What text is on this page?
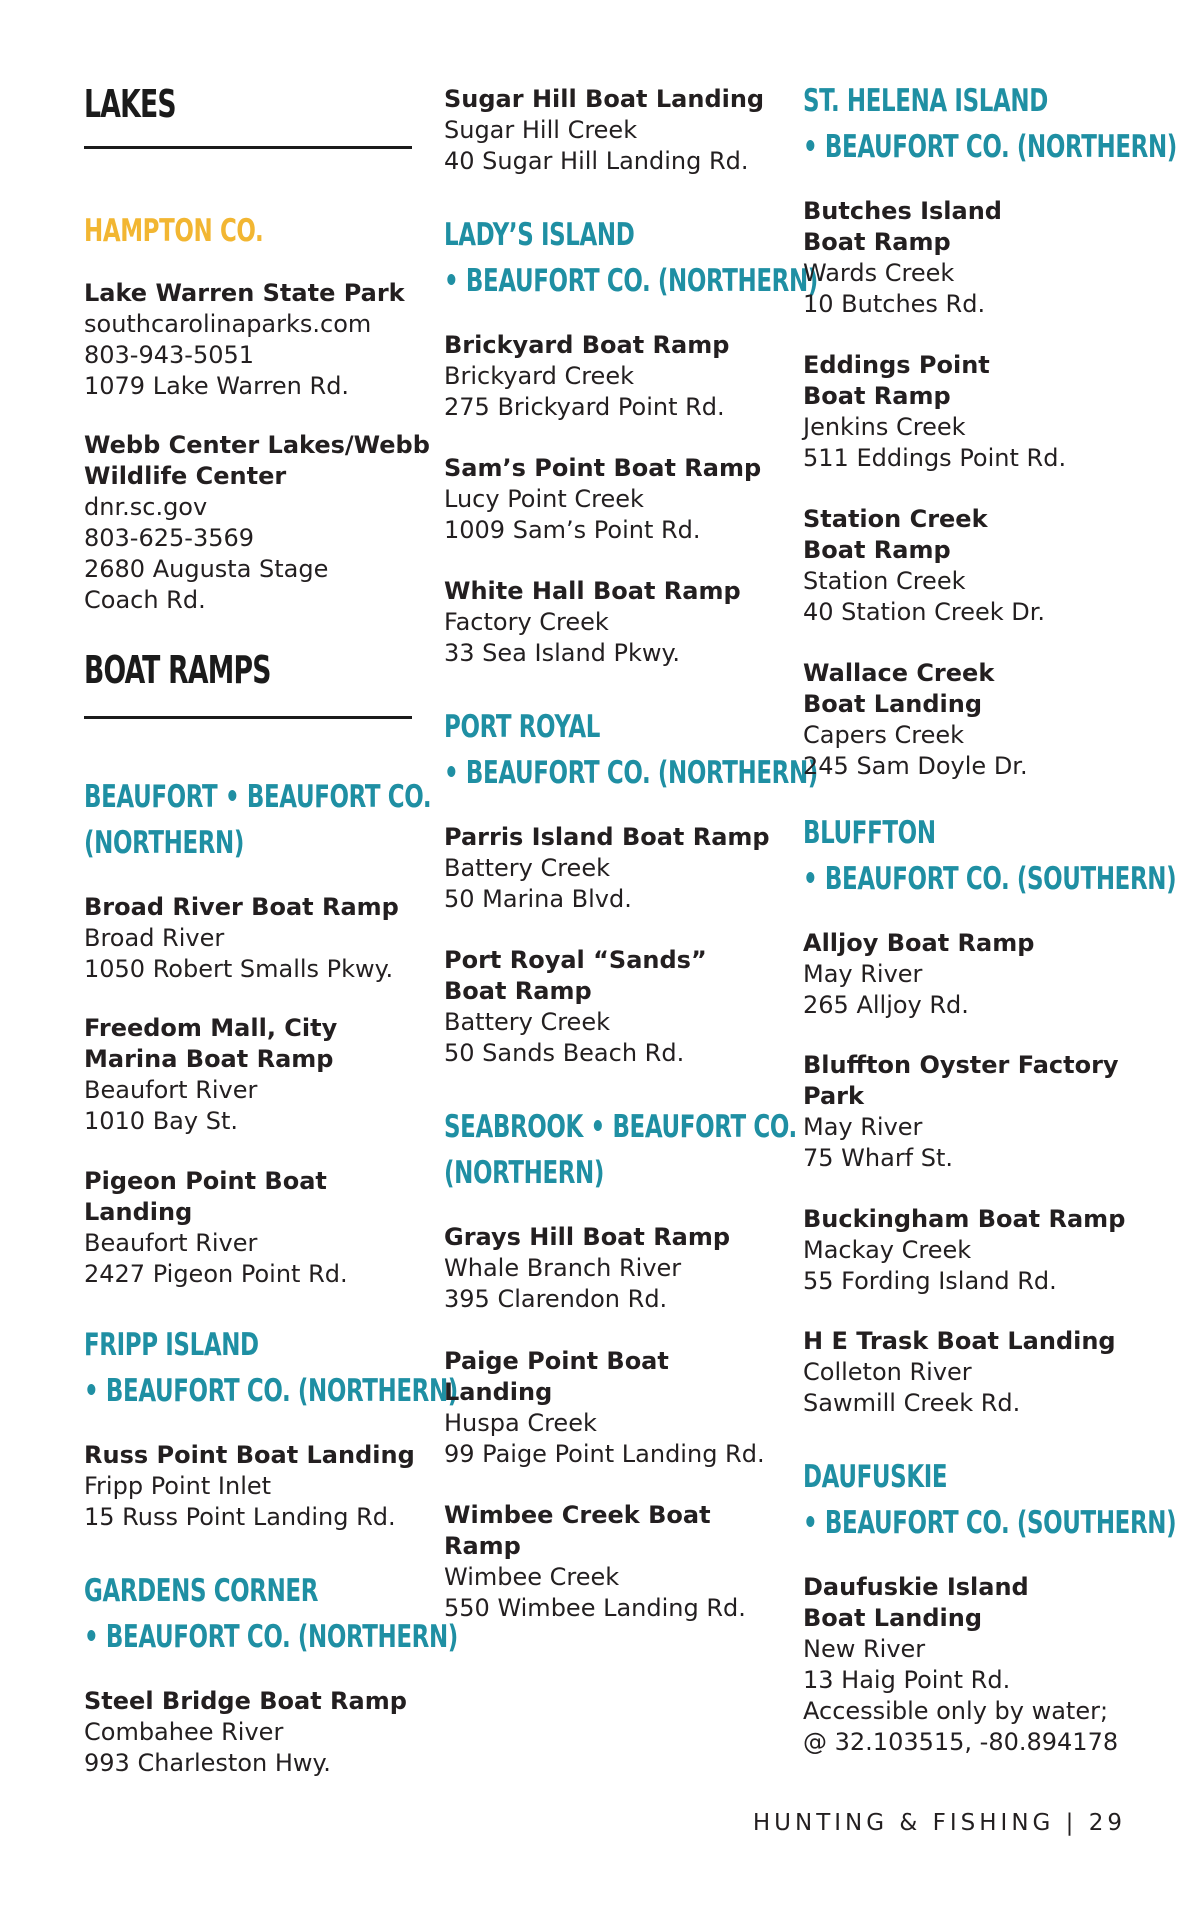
LAKES
HAMPTON CO.
Lake Warren State Park
southcarolinaparks.com
803-943-5051
1079 Lake Warren Rd.
Webb Center Lakes/Webb
Wildlife Center
dnr.sc.gov
803-625-3569
2680 Augusta Stage
Coach Rd.
BOAT RAMPS
BEAUFORT • BEAUFORT CO.
(NORTHERN)
Broad River Boat Ramp
Broad River
1050 Robert Smalls Pkwy.
Freedom Mall, City
Marina Boat Ramp
Beaufort River
1010 Bay St.
Pigeon Point Boat
Landing
Beaufort River
2427 Pigeon Point Rd.
FRIPP ISLAND
• BEAUFORT CO. (NORTHERN)
Russ Point Boat Landing
Fripp Point Inlet
15 Russ Point Landing Rd.
GARDENS CORNER
• BEAUFORT CO. (NORTHERN)
Steel Bridge Boat Ramp
Combahee River
993 Charleston Hwy.
Sugar Hill Boat Landing
Sugar Hill Creek
40 Sugar Hill Landing Rd.
LADY’S ISLAND
• BEAUFORT CO. (NORTHERN)
Brickyard Boat Ramp
Brickyard Creek
275 Brickyard Point Rd.
Sam’s Point Boat Ramp
Lucy Point Creek
1009 Sam’s Point Rd.
White Hall Boat Ramp
Factory Creek
33 Sea Island Pkwy.
PORT ROYAL
• BEAUFORT CO. (NORTHERN)
Parris Island Boat Ramp
Battery Creek
50 Marina Blvd.
Port Royal “Sands”
Boat Ramp
Battery Creek
50 Sands Beach Rd.
SEABROOK • BEAUFORT CO.
(NORTHERN)
Grays Hill Boat Ramp
Whale Branch River
395 Clarendon Rd.
Paige Point Boat
Landing
Huspa Creek
99 Paige Point Landing Rd.
Wimbee Creek Boat
Ramp
Wimbee Creek
550 Wimbee Landing Rd.
ST. HELENA ISLAND
• BEAUFORT CO. (NORTHERN)
Butches Island
Boat Ramp
Wards Creek
10 Butches Rd.
Eddings Point
Boat Ramp
Jenkins Creek
511 Eddings Point Rd.
Station Creek
Boat Ramp
Station Creek
40 Station Creek Dr.
Wallace Creek
Boat Landing
Capers Creek
245 Sam Doyle Dr.
BLUFFTON
• BEAUFORT CO. (SOUTHERN)
Alljoy Boat Ramp
May River
265 Alljoy Rd.
Bluffton Oyster Factory
Park
May River
75 Wharf St.
Buckingham Boat Ramp
Mackay Creek
55 Fording Island Rd.
H E Trask Boat Landing
Colleton River
Sawmill Creek Rd.
DAUFUSKIE
• BEAUFORT CO. (SOUTHERN)
Daufuskie Island
Boat Landing
New River
13 Haig Point Rd.
Accessible only by water;
@ 32.103515, -80.894178
HUNTING & FISHING | 29
